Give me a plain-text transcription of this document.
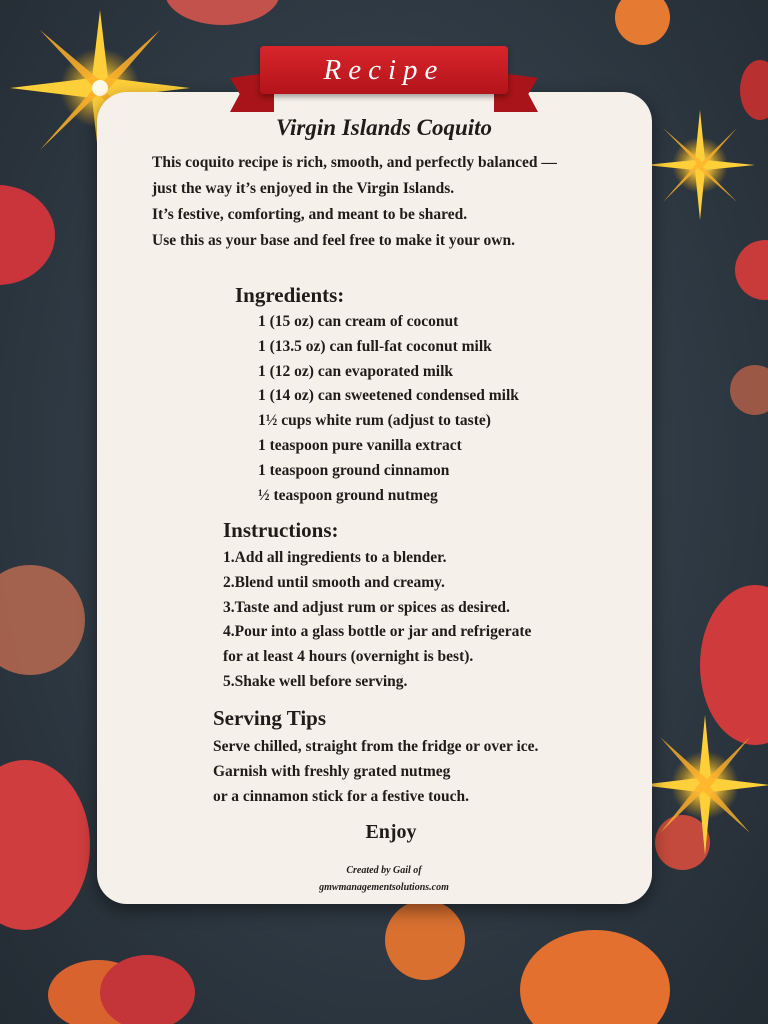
Recipe
Virgin Islands Coquito
This coquito recipe is rich, smooth, and perfectly balanced —
just the way it’s enjoyed in the Virgin Islands.
It’s festive, comforting, and meant to be shared.
Use this as your base and feel free to make it your own.
Ingredients:
1 (15 oz) can cream of coconut
1 (13.5 oz) can full-fat coconut milk
1 (12 oz) can evaporated milk
1 (14 oz) can sweetened condensed milk
1½ cups white rum (adjust to taste)
1 teaspoon pure vanilla extract
1 teaspoon ground cinnamon
½ teaspoon ground nutmeg
Instructions:
1.Add all ingredients to a blender.
2.Blend until smooth and creamy.
3.Taste and adjust rum or spices as desired.
4.Pour into a glass bottle or jar and refrigerate
for at least 4 hours (overnight is best).
5.Shake well before serving.
Serving Tips
Serve chilled, straight from the fridge or over ice.
Garnish with freshly grated nutmeg
or a cinnamon stick for a festive touch.
Enjoy
Created by Gail of
gmwmanagementsolutions.com
